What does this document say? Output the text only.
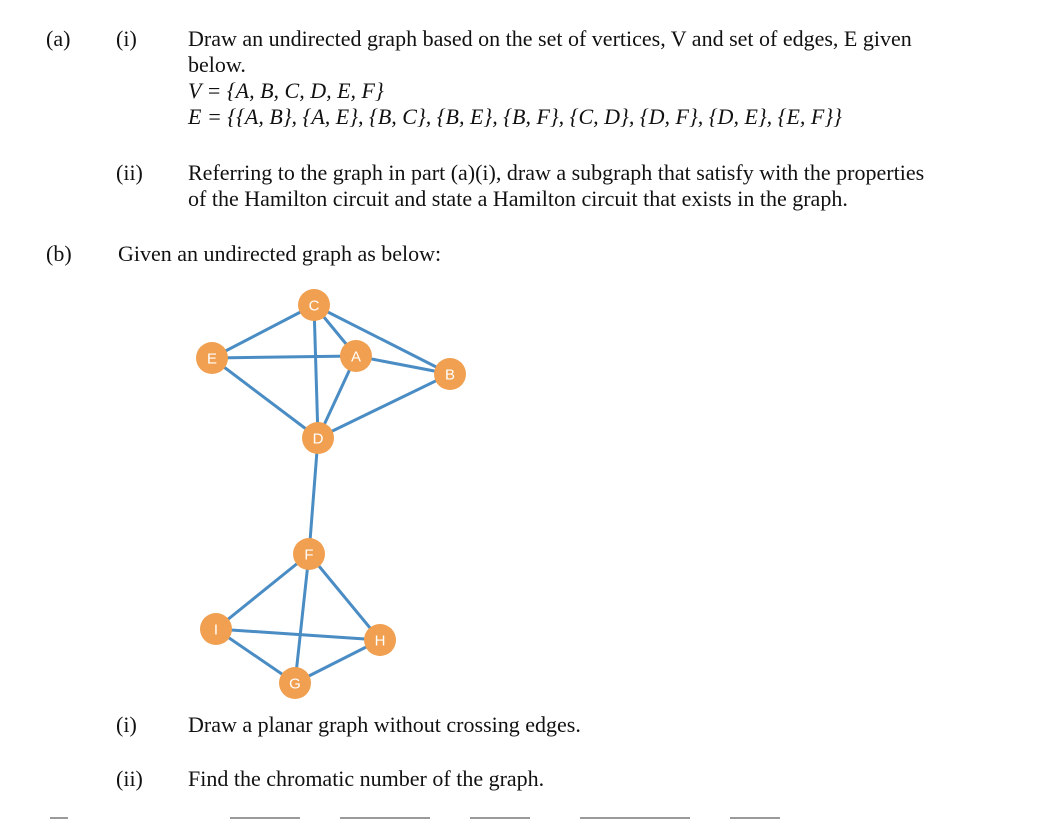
(a) (i) Draw an undirected graph based on the set of vertices, V and set of edges, E given
below.
V = {A, B, C, D, E, F}
E = {{A, B}, {A, E}, {B, C}, {B, E}, {B, F}, {C, D}, {D, F}, {D, E}, {E, F}}
(ii) Referring to the graph in part (a)(i), draw a subgraph that satisfy with the properties
of the Hamilton circuit and state a Hamilton circuit that exists in the graph.
(b) Given an undirected graph as below:
C
E	A
B
D
F
I
H
G
(i) Draw a planar graph without crossing edges.
(ii) Find the chromatic number of the graph.
